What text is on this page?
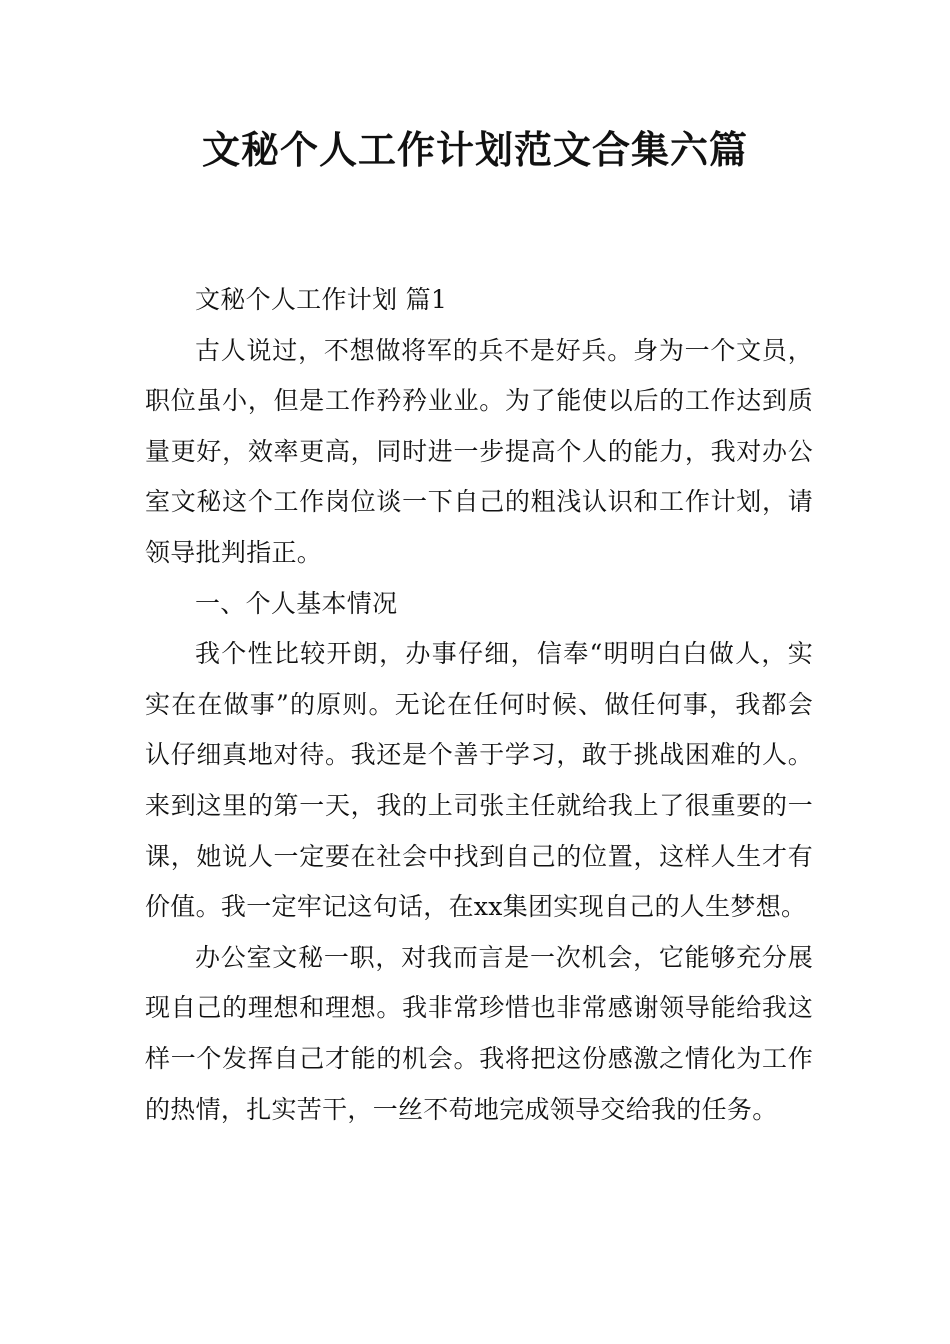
文秘个人工作计划范文合集六篇

文秘个人工作计划 篇1

古人说过，不想做将军的兵不是好兵。身为一个文员，职位虽小，但是工作矜矜业业。为了能使以后的工作达到质量更好，效率更高，同时进一步提高个人的能力，我对办公室文秘这个工作岗位谈一下自己的粗浅认识和工作计划，请领导批判指正。

一、个人基本情况

我个性比较开朗，办事仔细，信奉“明明白白做人，实实在在做事”的原则。无论在任何时候、做任何事，我都会认仔细真地对待。我还是个善于学习，敢于挑战困难的人。来到这里的第一天，我的上司张主任就给我上了很重要的一课，她说人一定要在社会中找到自己的位置，这样人生才有价值。我一定牢记这句话，在xx集团实现自己的人生梦想。

办公室文秘一职，对我而言是一次机会，它能够充分展现自己的理想和理想。我非常珍惜也非常感谢领导能给我这样一个发挥自己才能的机会。我将把这份感激之情化为工作的热情，扎实苦干，一丝不苟地完成领导交给我的任务。
